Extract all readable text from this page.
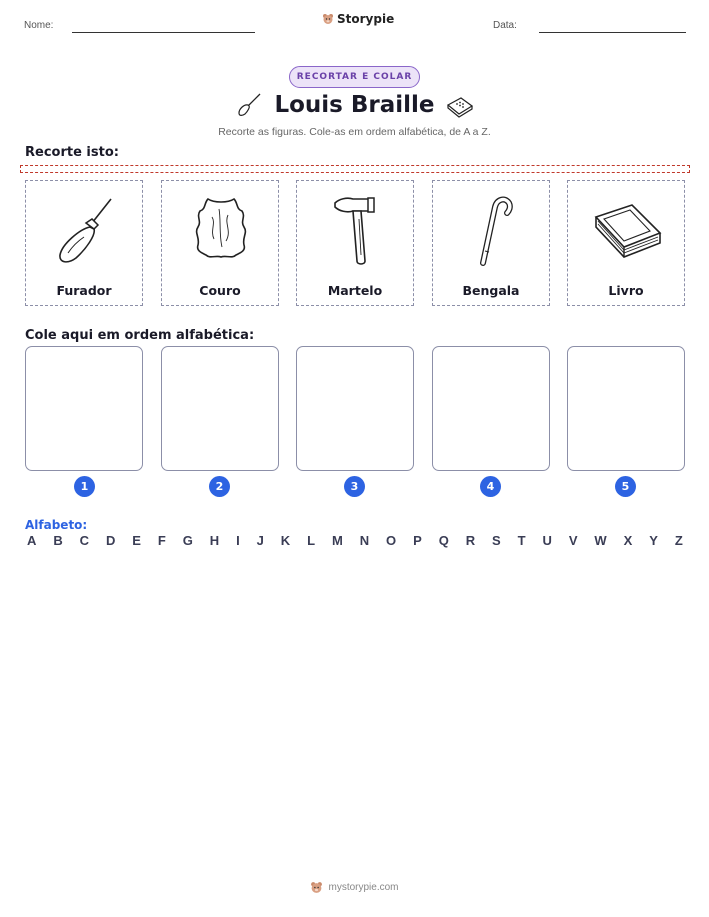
Nome:	Storypie	Data:
RECORTAR E COLAR
Louis Braille
Recorte as figuras. Cole-as em ordem alfabética, de A a Z.
Recorte isto:
Furador	Couro	Martelo	Bengala	Livro
Cole aqui em ordem alfabética:
1	2	3	4	5
Alfabeto:
A B C D E F G H I J K L M N O P Q R S T U V W X Y Z
mystorypie.com
